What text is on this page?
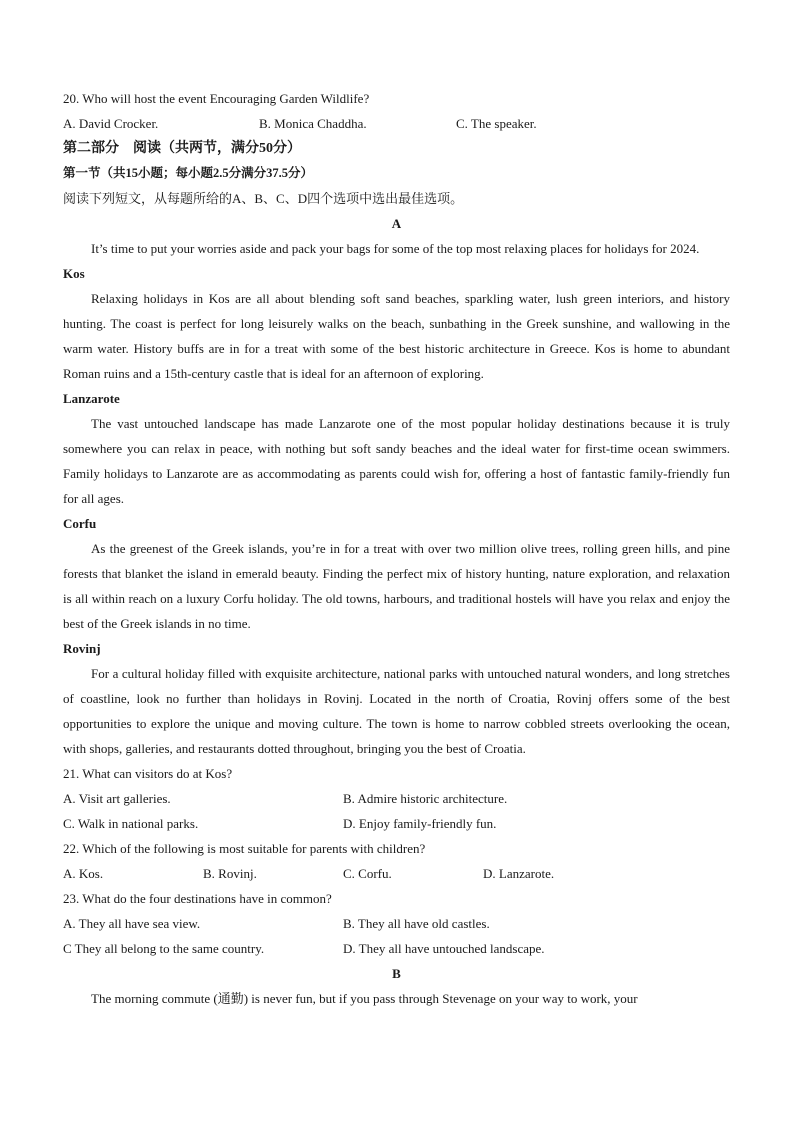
20. Who will host the event Encouraging Garden Wildlife?
A. David Crocker.	B. Monica Chaddha.	C. The speaker.
第二部分　阅读（共两节，满分50分）
第一节（共15小题；每小题2.5分满分37.5分）
阅读下列短文，从每题所给的A、B、C、D四个选项中选出最佳选项。
A
It’s time to put your worries aside and pack your bags for some of the top most relaxing places for holidays for 2024.
Kos
Relaxing holidays in Kos are all about blending soft sand beaches, sparkling water, lush green interiors, and history hunting. The coast is perfect for long leisurely walks on the beach, sunbathing in the Greek sunshine, and wallowing in the warm water. History buffs are in for a treat with some of the best historic architecture in Greece. Kos is home to abundant Roman ruins and a 15th-century castle that is ideal for an afternoon of exploring.
Lanzarote
The vast untouched landscape has made Lanzarote one of the most popular holiday destinations because it is truly somewhere you can relax in peace, with nothing but soft sandy beaches and the ideal water for first-time ocean swimmers. Family holidays to Lanzarote are as accommodating as parents could wish for, offering a host of fantastic family-friendly fun for all ages.
Corfu
As the greenest of the Greek islands, you’re in for a treat with over two million olive trees, rolling green hills, and pine forests that blanket the island in emerald beauty. Finding the perfect mix of history hunting, nature exploration, and relaxation is all within reach on a luxury Corfu holiday. The old towns, harbours, and traditional hostels will have you relax and enjoy the best of the Greek islands in no time.
Rovinj
For a cultural holiday filled with exquisite architecture, national parks with untouched natural wonders, and long stretches of coastline, look no further than holidays in Rovinj. Located in the north of Croatia, Rovinj offers some of the best opportunities to explore the unique and moving culture. The town is home to narrow cobbled streets overlooking the ocean, with shops, galleries, and restaurants dotted throughout, bringing you the best of Croatia.
21. What can visitors do at Kos?
A. Visit art galleries.	B. Admire historic architecture.
C. Walk in national parks.	D. Enjoy family-friendly fun.
22. Which of the following is most suitable for parents with children?
A. Kos.	B. Rovinj.	C. Corfu.	D. Lanzarote.
23. What do the four destinations have in common?
A. They all have sea view.	B. They all have old castles.
C They all belong to the same country.	D. They all have untouched landscape.
B
The morning commute (通勤) is never fun, but if you pass through Stevenage on your way to work, your
